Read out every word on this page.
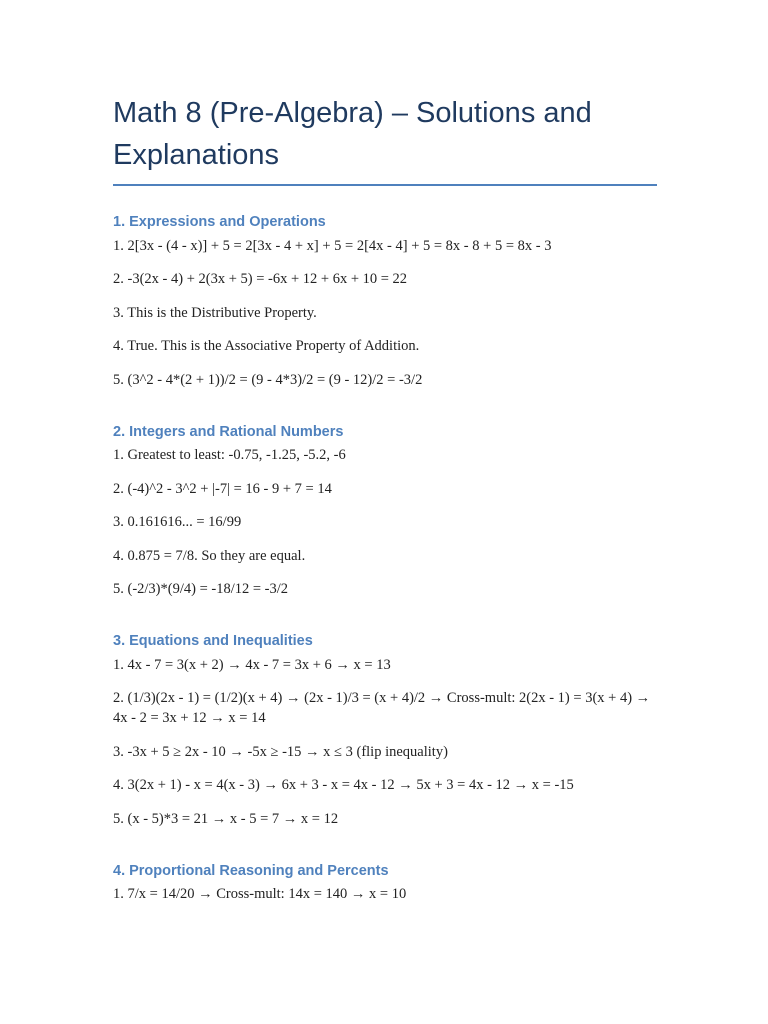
Math 8 (Pre-Algebra) – Solutions and Explanations

1. Expressions and Operations

1. 2[3x - (4 - x)] + 5 = 2[3x - 4 + x] + 5 = 2[4x - 4] + 5 = 8x - 8 + 5 = 8x - 3

2. -3(2x - 4) + 2(3x + 5) = -6x + 12 + 6x + 10 = 22

3. This is the Distributive Property.

4. True. This is the Associative Property of Addition.

5. (3^2 - 4*(2 + 1))/2 = (9 - 4*3)/2 = (9 - 12)/2 = -3/2

2. Integers and Rational Numbers

1. Greatest to least: -0.75, -1.25, -5.2, -6

2. (-4)^2 - 3^2 + |-7| = 16 - 9 + 7 = 14

3. 0.161616... = 16/99

4. 0.875 = 7/8. So they are equal.

5. (-2/3)*(9/4) = -18/12 = -3/2

3. Equations and Inequalities

1. 4x - 7 = 3(x + 2) → 4x - 7 = 3x + 6 → x = 13

2. (1/3)(2x - 1) = (1/2)(x + 4) → (2x - 1)/3 = (x + 4)/2 → Cross-mult: 2(2x - 1) = 3(x + 4) → 4x - 2 = 3x + 12 → x = 14

3. -3x + 5 ≥ 2x - 10 → -5x ≥ -15 → x ≤ 3 (flip inequality)

4. 3(2x + 1) - x = 4(x - 3) → 6x + 3 - x = 4x - 12 → 5x + 3 = 4x - 12 → x = -15

5. (x - 5)*3 = 21 → x - 5 = 7 → x = 12

4. Proportional Reasoning and Percents

1. 7/x = 14/20 → Cross-mult: 14x = 140 → x = 10
